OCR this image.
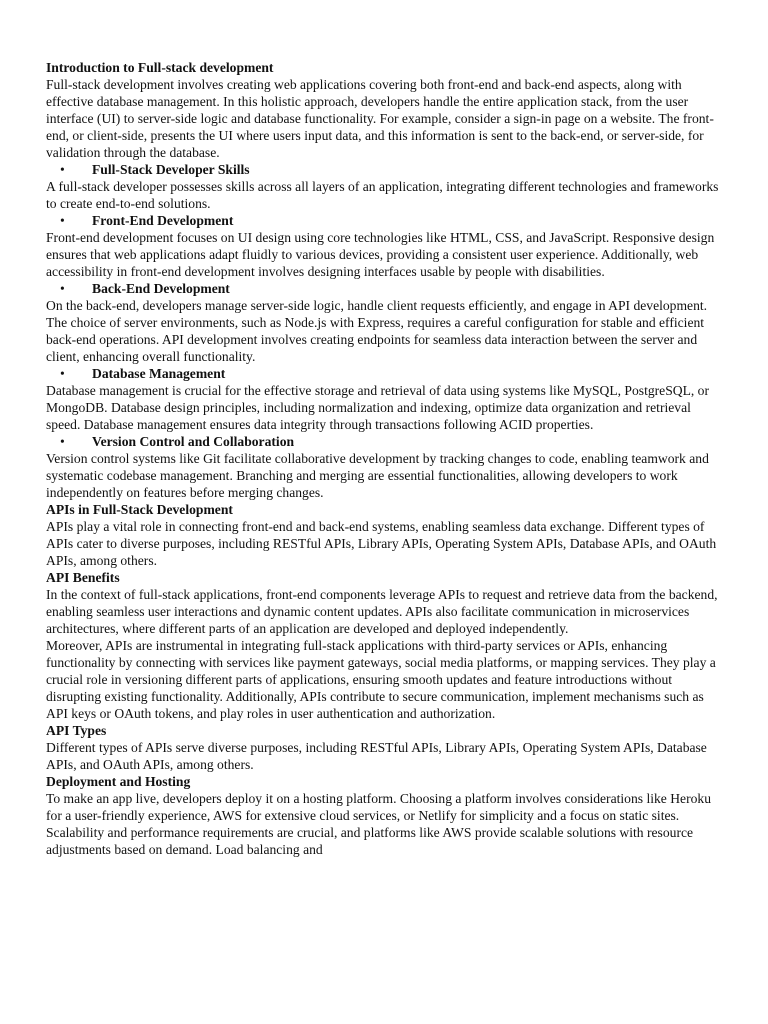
Introduction to Full-stack development

Full-stack development involves creating web applications covering both front-end and back-end aspects, along with effective database management. In this holistic approach, developers handle the entire application stack, from the user interface (UI) to server-side logic and database functionality. For example, consider a sign-in page on a website. The front-end, or client-side, presents the UI where users input data, and this information is sent to the back-end, or server-side, for validation through the database.

• Full-Stack Developer Skills

A full-stack developer possesses skills across all layers of an application, integrating different technologies and frameworks to create end-to-end solutions.

• Front-End Development

Front-end development focuses on UI design using core technologies like HTML, CSS, and JavaScript. Responsive design ensures that web applications adapt fluidly to various devices, providing a consistent user experience. Additionally, web accessibility in front-end development involves designing interfaces usable by people with disabilities.

• Back-End Development

On the back-end, developers manage server-side logic, handle client requests efficiently, and engage in API development. The choice of server environments, such as Node.js with Express, requires a careful configuration for stable and efficient back-end operations. API development involves creating endpoints for seamless data interaction between the server and client, enhancing overall functionality.

• Database Management

Database management is crucial for the effective storage and retrieval of data using systems like MySQL, PostgreSQL, or MongoDB. Database design principles, including normalization and indexing, optimize data organization and retrieval speed. Database management ensures data integrity through transactions following ACID properties.

• Version Control and Collaboration

Version control systems like Git facilitate collaborative development by tracking changes to code, enabling teamwork and systematic codebase management. Branching and merging are essential functionalities, allowing developers to work independently on features before merging changes.

APIs in Full-Stack Development

APIs play a vital role in connecting front-end and back-end systems, enabling seamless data exchange. Different types of APIs cater to diverse purposes, including RESTful APIs, Library APIs, Operating System APIs, Database APIs, and OAuth APIs, among others.

API Benefits

In the context of full-stack applications, front-end components leverage APIs to request and retrieve data from the backend, enabling seamless user interactions and dynamic content updates. APIs also facilitate communication in microservices architectures, where different parts of an application are developed and deployed independently.

Moreover, APIs are instrumental in integrating full-stack applications with third-party services or APIs, enhancing functionality by connecting with services like payment gateways, social media platforms, or mapping services. They play a crucial role in versioning different parts of applications, ensuring smooth updates and feature introductions without disrupting existing functionality. Additionally, APIs contribute to secure communication, implement mechanisms such as API keys or OAuth tokens, and play roles in user authentication and authorization.

API Types

Different types of APIs serve diverse purposes, including RESTful APIs, Library APIs, Operating System APIs, Database APIs, and OAuth APIs, among others.

Deployment and Hosting

To make an app live, developers deploy it on a hosting platform. Choosing a platform involves considerations like Heroku for a user-friendly experience, AWS for extensive cloud services, or Netlify for simplicity and a focus on static sites. Scalability and performance requirements are crucial, and platforms like AWS provide scalable solutions with resource adjustments based on demand. Load balancing and
